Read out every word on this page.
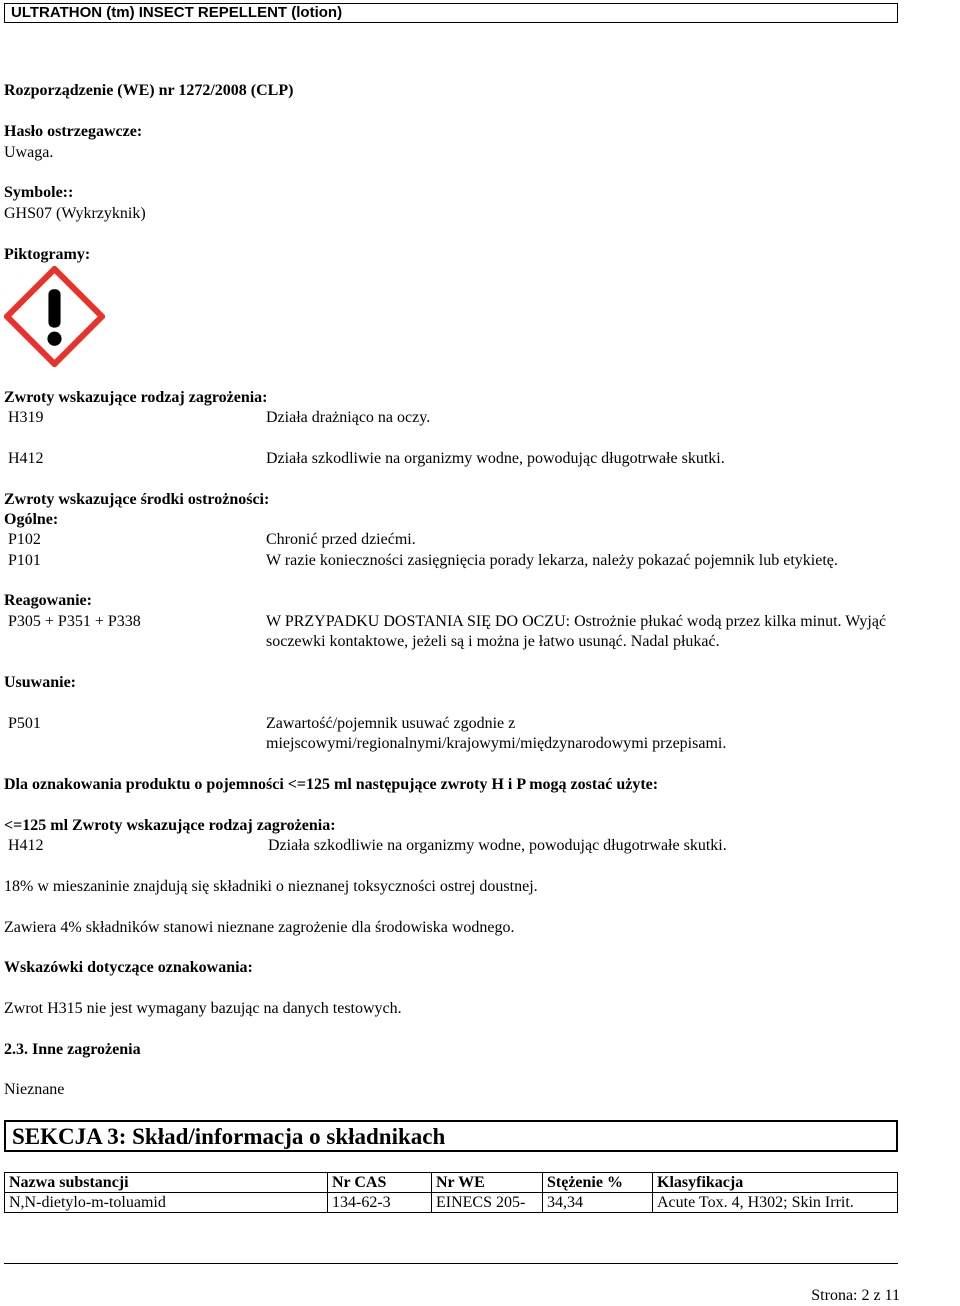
ULTRATHON (tm) INSECT REPELLENT (lotion)
Rozporządzenie (WE) nr 1272/2008 (CLP)
Hasło ostrzegawcze:
Uwaga.
Symbole::
GHS07 (Wykrzyknik)
Piktogramy:
Zwroty wskazujące rodzaj zagrożenia:
H319	Działa drażniąco na oczy.
H412	Działa szkodliwie na organizmy wodne, powodując długotrwałe skutki.
Zwroty wskazujące środki ostrożności:
Ogólne:
P102	Chronić przed dziećmi.
P101	W razie konieczności zasięgnięcia porady lekarza, należy pokazać pojemnik lub etykietę.
Reagowanie:
P305 + P351 + P338	W PRZYPADKU DOSTANIA SIĘ DO OCZU: Ostrożnie płukać wodą przez kilka minut. Wyjąć
soczewki kontaktowe, jeżeli są i można je łatwo usunąć. Nadal płukać.
Usuwanie:
P501	Zawartość/pojemnik usuwać zgodnie z
miejscowymi/regionalnymi/krajowymi/międzynarodowymi przepisami.
Dla oznakowania produktu o pojemności <=125 ml następujące zwroty H i P mogą zostać użyte:
<=125 ml Zwroty wskazujące rodzaj zagrożenia:
H412	Działa szkodliwie na organizmy wodne, powodując długotrwałe skutki.
18% w mieszaninie znajdują się składniki o nieznanej toksyczności ostrej doustnej.
Zawiera 4% składników stanowi nieznane zagrożenie dla środowiska wodnego.
Wskazówki dotyczące oznakowania:
Zwrot H315 nie jest wymagany bazując na danych testowych.
2.3. Inne zagrożenia
Nieznane
SEKCJA 3: Skład/informacja o składnikach
Nazwa substancji	Nr CAS	Nr WE	Stężenie %	Klasyfikacja
N,N-dietylo-m-toluamid	134-62-3	EINECS 205-	34,34	Acute Tox. 4, H302; Skin Irrit.
Strona: 2 z 11
